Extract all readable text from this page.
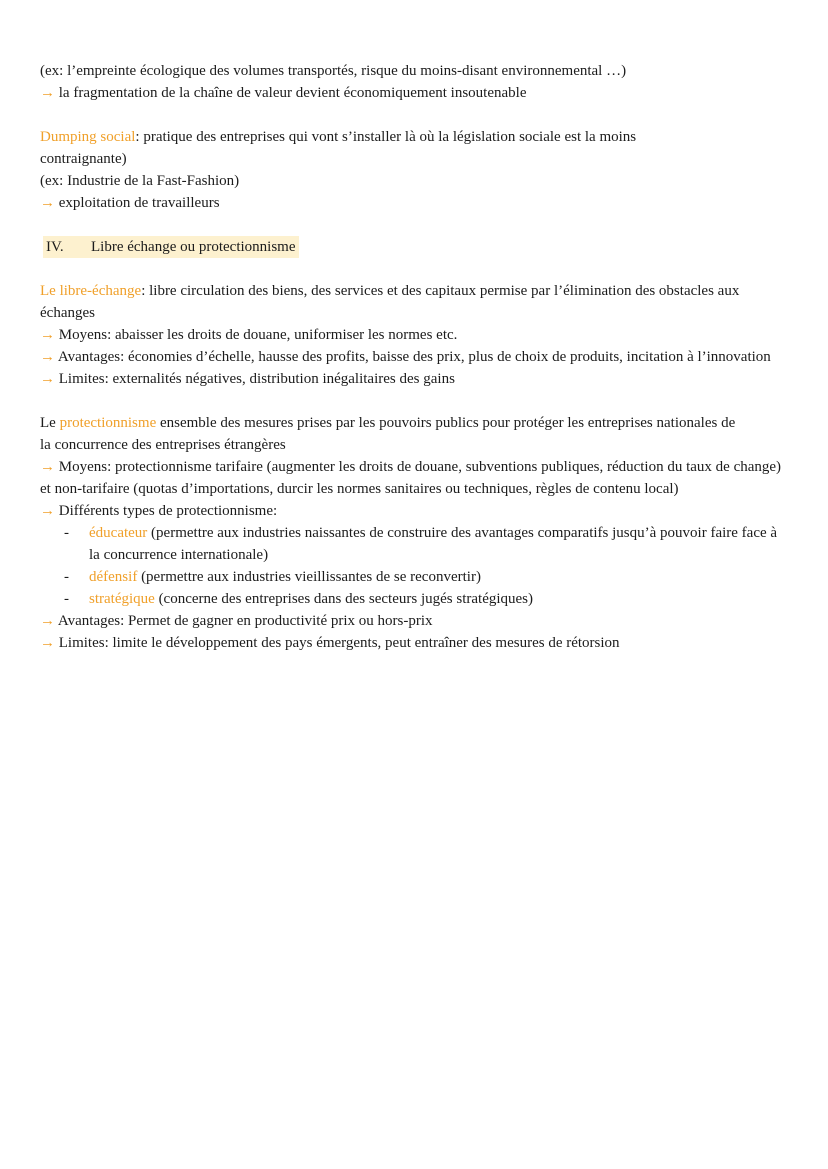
(ex: l’empreinte écologique des volumes transportés, risque du moins-disant environnemental …)
→ la fragmentation de la chaîne de valeur devient économiquement insoutenable
Dumping social: pratique des entreprises qui vont s’installer là où la législation sociale est la moins contraignante)
(ex: Industrie de la Fast-Fashion)
→ exploitation de travailleurs
IV. Libre échange ou protectionnisme
Le libre-échange: libre circulation des biens, des services et des capitaux permise par l’élimination des obstacles aux échanges
→ Moyens: abaisser les droits de douane, uniformiser les normes etc.
→ Avantages: économies d’échelle, hausse des profits, baisse des prix, plus de choix de produits, incitation à l’innovation
→ Limites: externalités négatives, distribution inégalitaires des gains
Le protectionnisme ensemble des mesures prises par les pouvoirs publics pour protéger les entreprises nationales de la concurrence des entreprises étrangères
→ Moyens: protectionnisme tarifaire (augmenter les droits de douane, subventions publiques, réduction du taux de change) et non-tarifaire (quotas d’importations, durcir les normes sanitaires ou techniques, règles de contenu local)
→ Différents types de protectionnisme:
- éducateur (permettre aux industries naissantes de construire des avantages comparatifs jusqu’à pouvoir faire face à la concurrence internationale)
- défensif (permettre aux industries vieillissantes de se reconvertir)
- stratégique (concerne des entreprises dans des secteurs jugés stratégiques)
→ Avantages: Permet de gagner en productivité prix ou hors-prix
→ Limites: limite le développement des pays émergents, peut entraîner des mesures de rétorsion
